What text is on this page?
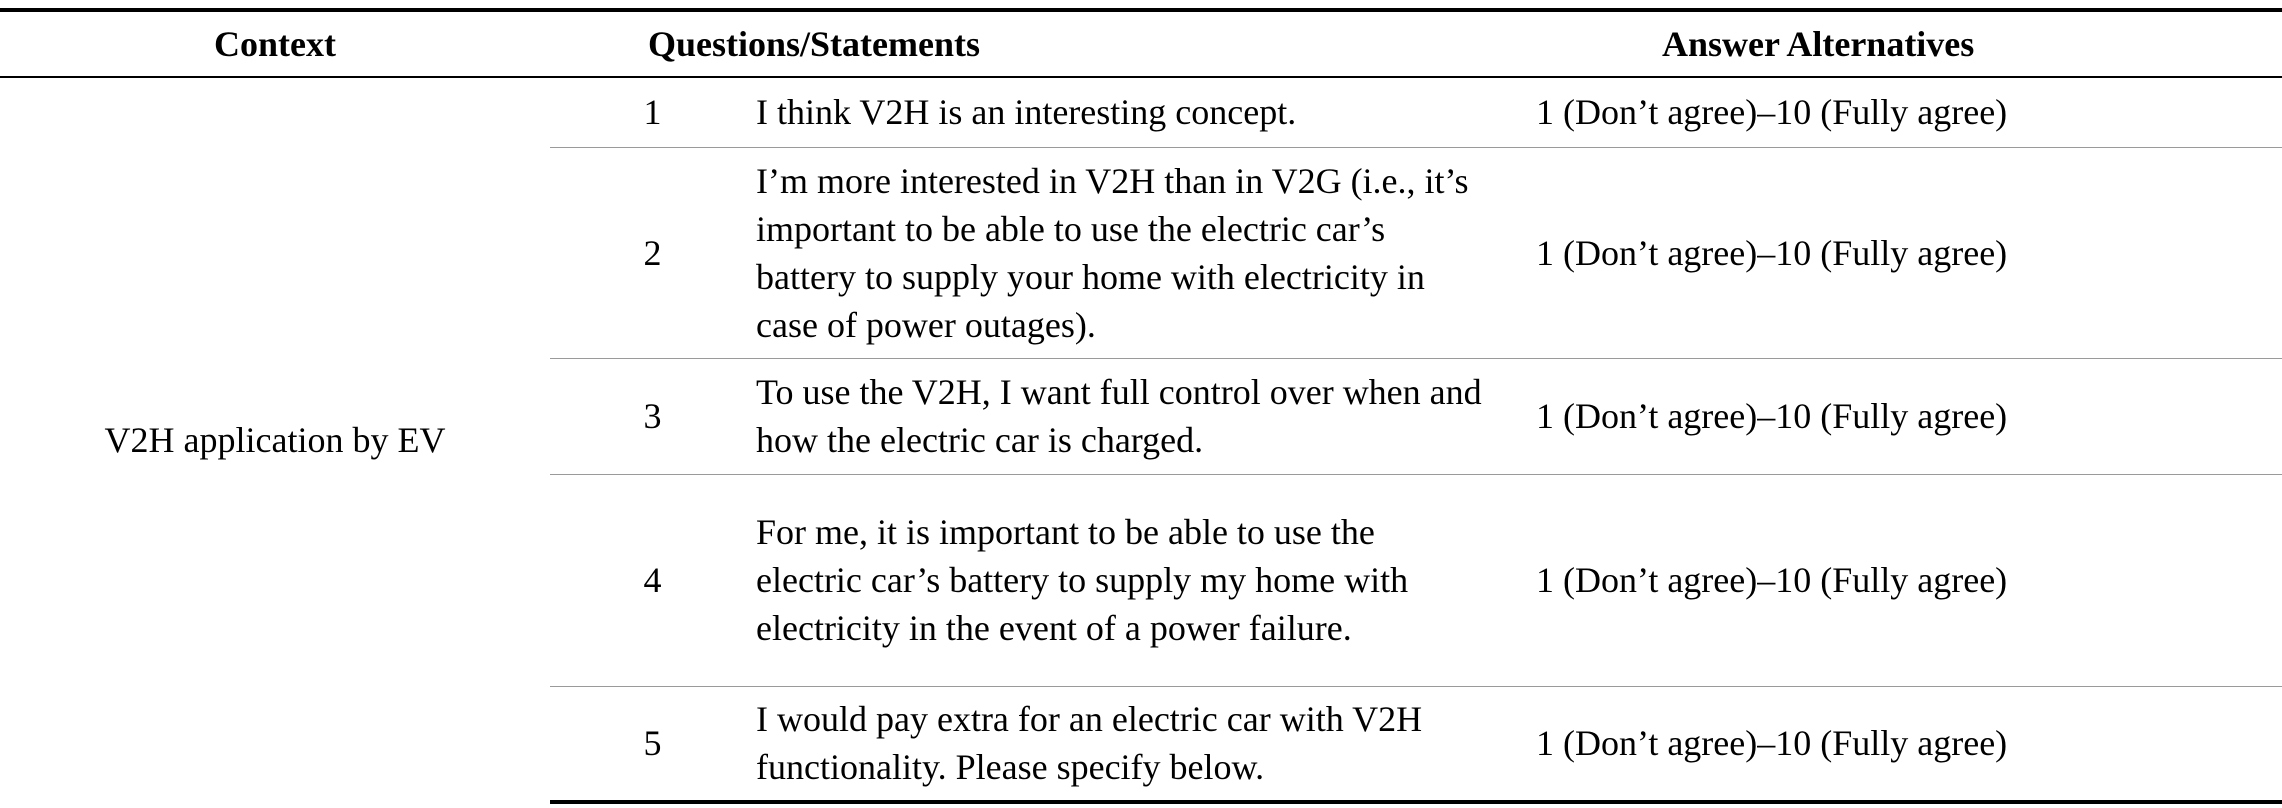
Context	Questions/Statements		Answer Alternatives
V2H application by EV	1	I think V2H is an interesting concept.	1 (Don’t agree)–10 (Fully agree)
	2	I’m more interested in V2H than in V2G (i.e., it’s important to be able to use the electric car’s battery to supply your home with electricity in case of power outages).	1 (Don’t agree)–10 (Fully agree)
	3	To use the V2H, I want full control over when and how the electric car is charged.	1 (Don’t agree)–10 (Fully agree)
	4	For me, it is important to be able to use the electric car’s battery to supply my home with electricity in the event of a power failure.	1 (Don’t agree)–10 (Fully agree)
	5	I would pay extra for an electric car with V2H functionality. Please specify below.	1 (Don’t agree)–10 (Fully agree)
